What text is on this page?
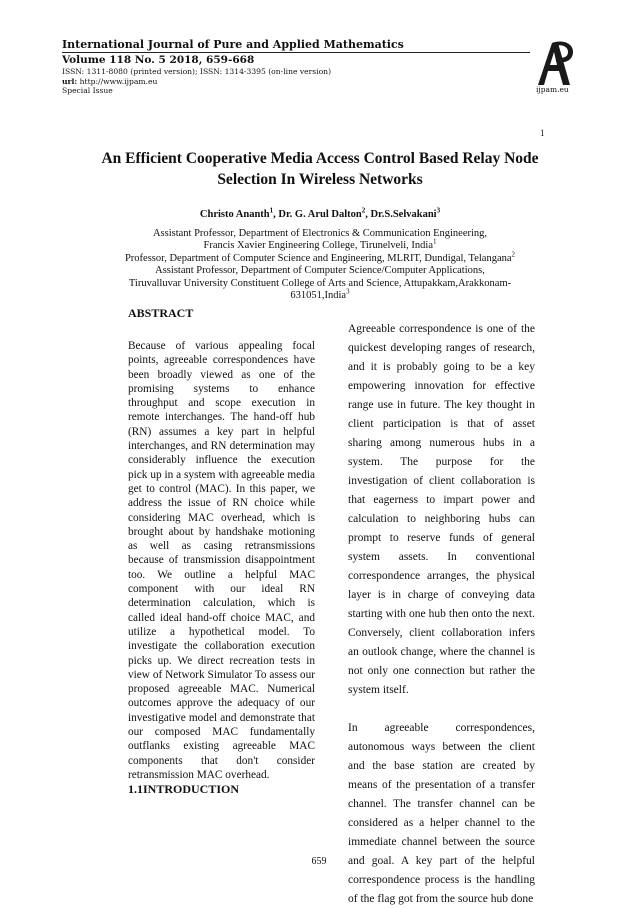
International Journal of Pure and Applied Mathematics
Volume 118 No. 5 2018, 659-668
ISSN: 1311-8080 (printed version); ISSN: 1314-3395 (on-line version)
url: http://www.ijpam.eu
Special Issue	ijpam.eu
1
An Efficient Cooperative Media Access Control Based Relay Node Selection In Wireless Networks
Christo Ananth$^1$, Dr. G. Arul Dalton$^2$, Dr.S.Selvakani$^3$
Assistant Professor, Department of Electronics & Communication Engineering,
Francis Xavier Engineering College, Tirunelveli, India$^1$
Professor, Department of Computer Science and Engineering, MLRIT, Dundigal, Telangana$^2$
Assistant Professor, Department of Computer Science/Computer Applications,
Tiruvalluvar University Constituent College of Arts and Science, Attupakkam,Arakkonam-
631051,India$^3$
ABSTRACT

Because of various appealing focal points, agreeable correspondences have been broadly viewed as one of the promising systems to enhance throughput and scope execution in remote interchanges. The hand-off hub (RN) assumes a key part in helpful interchanges, and RN determination may considerably influence the execution pick up in a system with agreeable media get to control (MAC). In this paper, we address the issue of RN choice while considering MAC overhead, which is brought about by handshake motioning as well as casing retransmissions because of transmission disappointment too. We outline a helpful MAC component with our ideal RN determination calculation, which is called ideal hand-off choice MAC, and utilize a hypothetical model. To investigate the collaboration execution picks up. We direct recreation tests in view of Network Simulator To assess our proposed agreeable MAC. Numerical outcomes approve the adequacy of our investigative model and demonstrate that our composed MAC fundamentally outflanks existing agreeable MAC components that don't consider retransmission MAC overhead.

1.1INTRODUCTION

Agreeable correspondence is one of the quickest developing ranges of research, and it is probably going to be a key empowering innovation for effective range use in future. The key thought in client participation is that of asset sharing among numerous hubs in a system. The purpose for the investigation of client collaboration is that eagerness to impart power and calculation to neighboring hubs can prompt to reserve funds of general system assets. In conventional correspondence arranges, the physical layer is in charge of conveying data starting with one hub then onto the next. Conversely, client collaboration infers an outlook change, where the channel is not only one connection but rather the system itself.

In agreeable correspondences, autonomous ways between the client and the base station are created by means of the presentation of a transfer channel. The transfer channel can be considered as a helper channel to the immediate channel between the source and goal. A key part of the helpful correspondence process is the handling of the flag got from the source hub done

659
